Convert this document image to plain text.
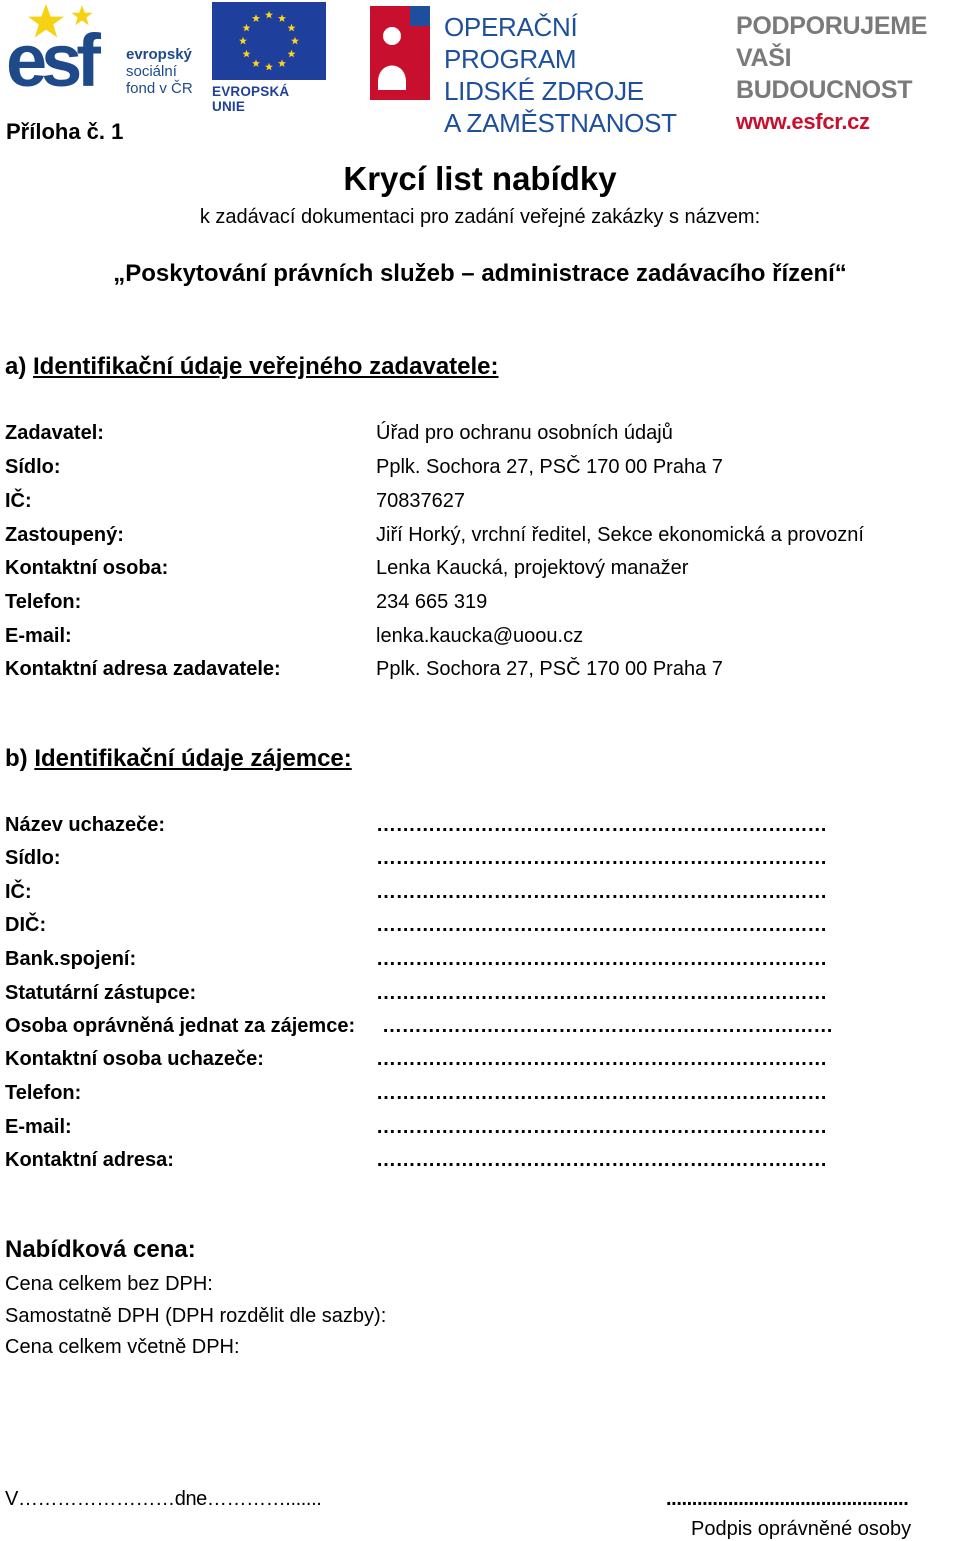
esf evropský
sociální
fond v ČR EVROPSKÁ UNIE
OPERAČNÍ PROGRAM
LIDSKÉ ZDROJE
A ZAMĚSTNANOST
PODPORUJEME
VAŠI BUDOUCNOST
www.esfcr.cz
Příloha č. 1
Krycí list nabídky
k zadávací dokumentaci pro zadání veřejné zakázky s názvem:
„Poskytování právních služeb – administrace zadávacího řízení“
a) Identifikační údaje veřejného zadavatele:
Zadavatel:	Úřad pro ochranu osobních údajů
Sídlo:	Pplk. Sochora 27, PSČ 170 00 Praha 7
IČ:	70837627
Zastoupený:	Jiří Horký, vrchní ředitel, Sekce ekonomická a provozní
Kontaktní osoba:	Lenka Kaucká, projektový manažer
Telefon:	234 665 319
E-mail:	lenka.kaucka@uoou.cz
Kontaktní adresa zadavatele:	Pplk. Sochora 27, PSČ 170 00 Praha 7
b) Identifikační údaje zájemce:
Název uchazeče:	……………………………………………………………
Sídlo:	……………………………………………………………
IČ:	……………………………………………………………
DIČ:	……………………………………………………………
Bank.spojení:	……………………………………………………………
Statutární zástupce:	……………………………………………………………
Osoba oprávněná jednat za zájemce: ……………………………………………………………
Kontaktní osoba uchazeče:	……………………………………………………………
Telefon:	……………………………………………………………
E-mail:	……………………………………………………………
Kontaktní adresa:	……………………………………………………………
Nabídková cena:
Cena celkem bez DPH:
Samostatně DPH (DPH rozdělit dle sazby):
Cena celkem včetně DPH:
V……………………dne………….......	...............................................
Podpis oprávněné osoby
